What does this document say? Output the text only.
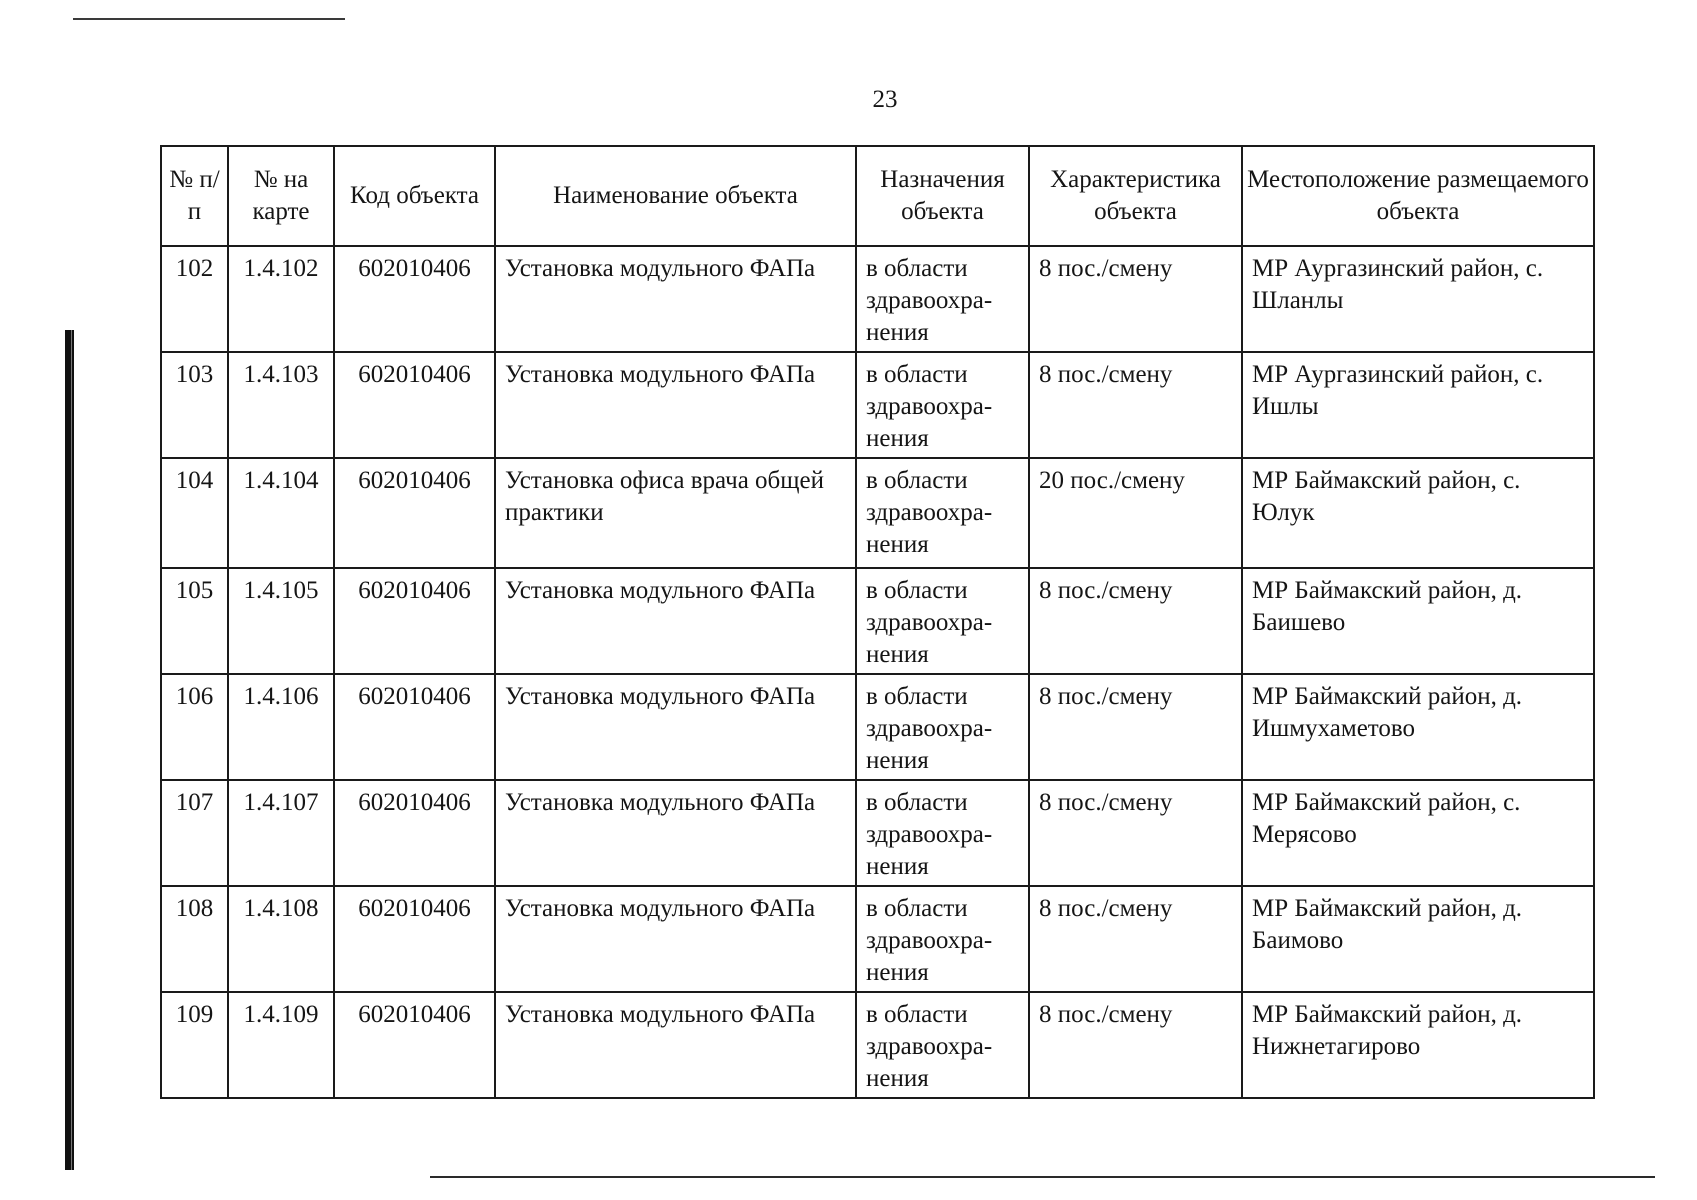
23
№ п/п	№ на карте	Код объекта	Наименование объекта	Назначения объекта	Характеристика объекта	Местоположение размещаемого объекта
102	1.4.102	602010406	Установка модульного ФАПа	в области здравоохра-нения	8 пос./смену	МР Аургазинский район, с. Шланлы
103	1.4.103	602010406	Установка модульного ФАПа	в области здравоохра-нения	8 пос./смену	МР Аургазинский район, с. Ишлы
104	1.4.104	602010406	Установка офиса врача общей практики	в области здравоохра-нения	20 пос./смену	МР Баймакский район, с. Юлук
105	1.4.105	602010406	Установка модульного ФАПа	в области здравоохра-нения	8 пос./смену	МР Баймакский район, д. Баишево
106	1.4.106	602010406	Установка модульного ФАПа	в области здравоохра-нения	8 пос./смену	МР Баймакский район, д. Ишмухаметово
107	1.4.107	602010406	Установка модульного ФАПа	в области здравоохра-нения	8 пос./смену	МР Баймакский район, с. Мерясово
108	1.4.108	602010406	Установка модульного ФАПа	в области здравоохра-нения	8 пос./смену	МР Баймакский район, д. Баимово
109	1.4.109	602010406	Установка модульного ФАПа	в области здравоохра-нения	8 пос./смену	МР Баймакский район, д. Нижнетагирово
